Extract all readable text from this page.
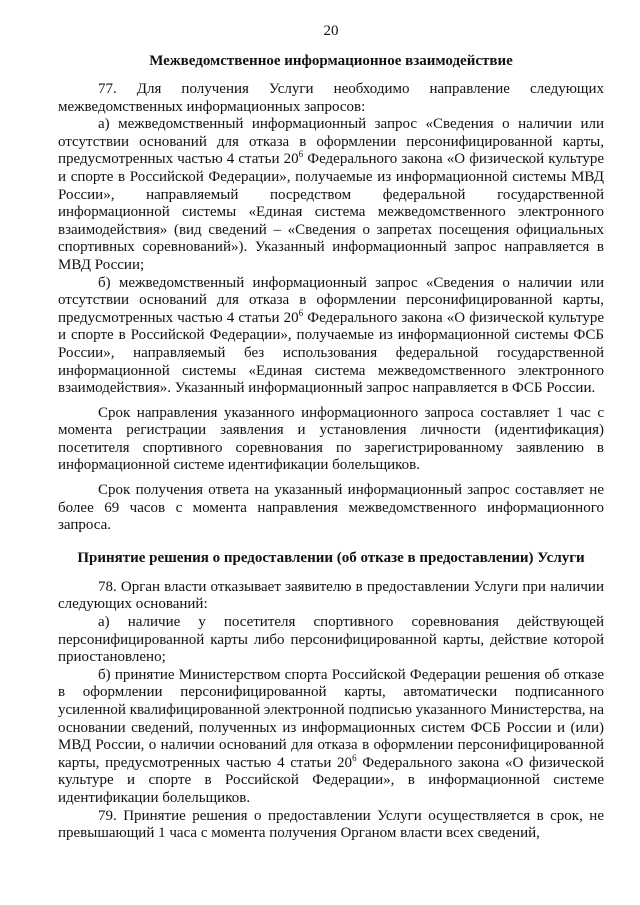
20
Межведомственное информационное взаимодействие

77. Для получения Услуги необходимо направление следующих межведомственных информационных запросов:

а) межведомственный информационный запрос «Сведения о наличии или отсутствии оснований для отказа в оформлении персонифицированной карты, предусмотренных частью 4 статьи $20^6$ Федерального закона «О физической культуре и спорте в Российской Федерации», получаемые из информационной системы МВД России», направляемый посредством федеральной государственной информационной системы «Единая система межведомственного электронного взаимодействия» (вид сведений – «Сведения о запретах посещения официальных спортивных соревнований»). Указанный информационный запрос направляется в МВД России;

б) межведомственный информационный запрос «Сведения о наличии или отсутствии оснований для отказа в оформлении персонифицированной карты, предусмотренных частью 4 статьи $20^6$ Федерального закона «О физической культуре и спорте в Российской Федерации», получаемые из информационной системы ФСБ России», направляемый без использования федеральной государственной информационной системы «Единая система межведомственного электронного взаимодействия». Указанный информационный запрос направляется в ФСБ России.

Срок направления указанного информационного запроса составляет 1 час с момента регистрации заявления и установления личности (идентификация) посетителя спортивного соревнования по зарегистрированному заявлению в информационной системе идентификации болельщиков.

Срок получения ответа на указанный информационный запрос составляет не более 69 часов с момента направления межведомственного информационного запроса.

Принятие решения о предоставлении (об отказе в предоставлении) Услуги

78. Орган власти отказывает заявителю в предоставлении Услуги при наличии следующих оснований:

а) наличие у посетителя спортивного соревнования действующей персонифицированной карты либо персонифицированной карты, действие которой приостановлено;

б) принятие Министерством спорта Российской Федерации решения об отказе в оформлении персонифицированной карты, автоматически подписанного усиленной квалифицированной электронной подписью указанного Министерства, на основании сведений, полученных из информационных систем ФСБ России и (или) МВД России, о наличии оснований для отказа в оформлении персонифицированной карты, предусмотренных частью 4 статьи $20^6$ Федерального закона «О физической культуре и спорте в Российской Федерации», в информационной системе идентификации болельщиков.

79. Принятие решения о предоставлении Услуги осуществляется в срок, не превышающий 1 часа с момента получения Органом власти всех сведений,
